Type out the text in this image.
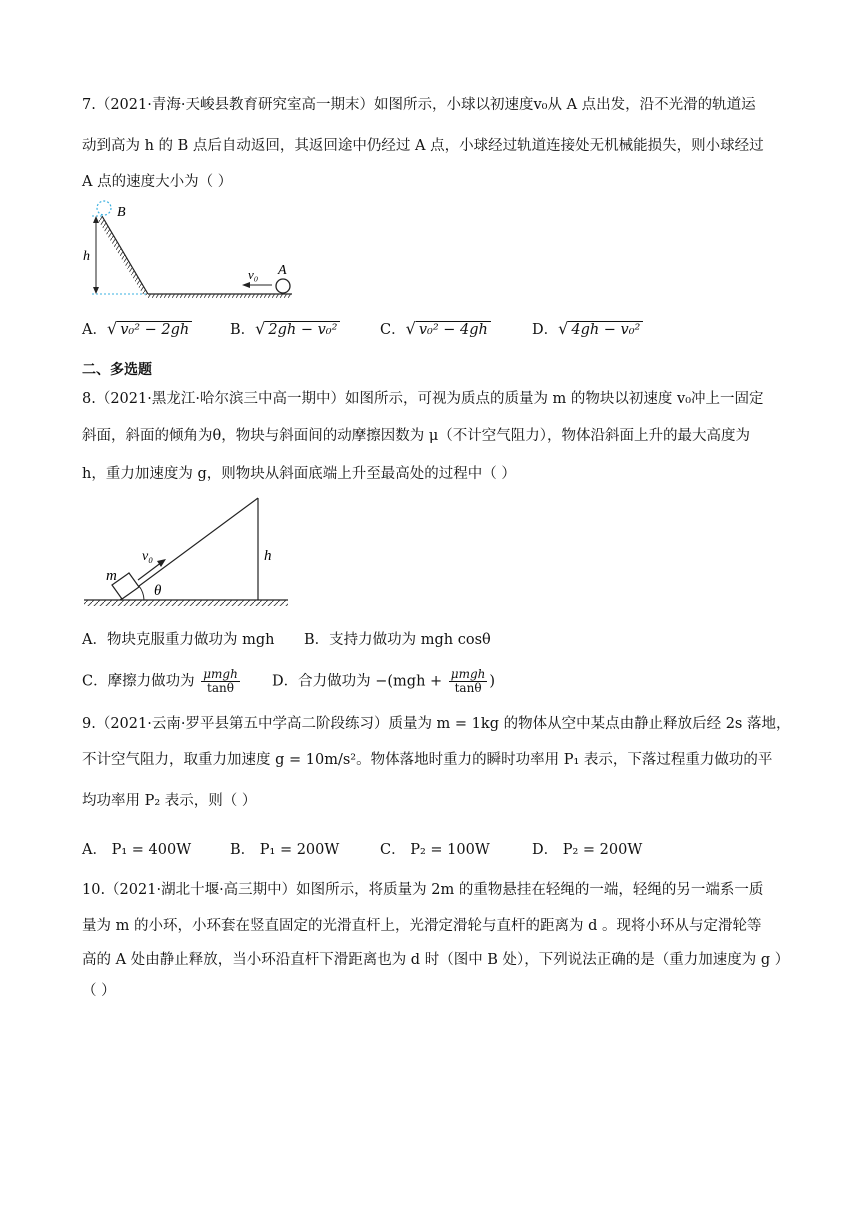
7.（2021·青海·天峻县教育研究室高一期末）如图所示，小球以初速度v₀从 A 点出发，沿不光滑的轨道运
动到高为 h 的 B 点后自动返回，其返回途中仍经过 A 点，小球经过轨道连接处无机械能损失，则小球经过
A 点的速度大小为（ ）
B
h
v₀ A
A．√ v₀² − 2gh	B．√ 2gh − v₀²	C．√ v₀² − 4gh	D．√ 4gh − v₀²
二、多选题
8.（2021·黑龙江·哈尔滨三中高一期中）如图所示，可视为质点的质量为 m 的物块以初速度 v₀冲上一固定
斜面，斜面的倾角为θ，物块与斜面间的动摩擦因数为 μ（不计空气阻力），物体沿斜面上升的最大高度为
h，重力加速度为 g，则物块从斜面底端上升至最高处的过程中（ ）
m
v₀
θ
h
A．物块克服重力做功为 mgh B．支持力做功为 mgh cosθ
C．摩擦力做功为 $\frac{\text{μmgh}}{\tan\theta}$ D．合力做功为 $-(mgh + \frac{\text{μmgh}}{\tan\theta}$ )
9.（2021·云南·罗平县第五中学高二阶段练习）质量为 m = 1kg 的物体从空中某点由静止释放后经 2s 落地，
不计空气阻力，取重力加速度 g = 10m/s²。物体落地时重力的瞬时功率用 P₁ 表示，下落过程重力做功的平
均功率用 P₂ 表示，则（ ）
A． P₁ = 400W	B． P₁ = 200W	C． P₂ = 100W	D． P₂ = 200W
10.（2021·湖北十堰·高三期中）如图所示，将质量为 2m 的重物悬挂在轻绳的一端，轻绳的另一端系一质
量为 m 的小环，小环套在竖直固定的光滑直杆上，光滑定滑轮与直杆的距离为 d 。现将小环从与定滑轮等
高的 A 处由静止释放，当小环沿直杆下滑距离也为 d 时（图中 B 处），下列说法正确的是（重力加速度为 g ）
（ ）
